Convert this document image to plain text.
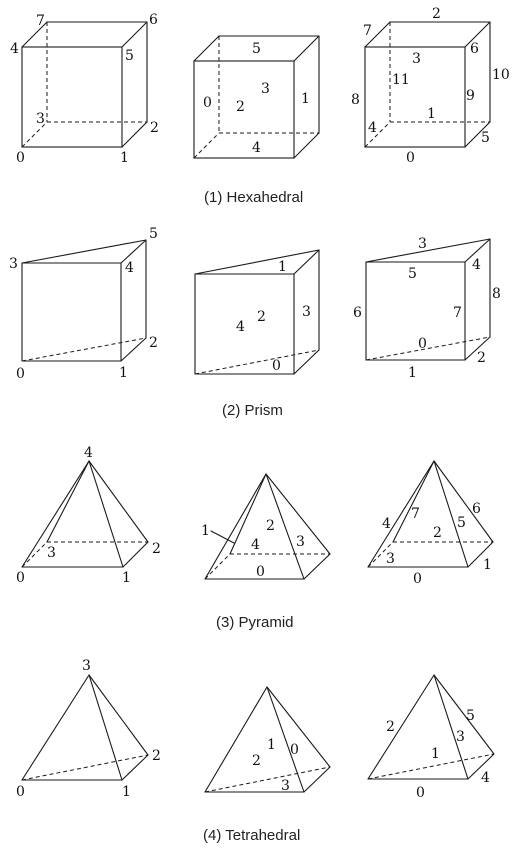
0	1
2
3
4	5
6
7
0	1
2
3
4
5
0
1
2
3
4
5
6
7
8	9
10
11
(1) Hexahedral
0	1
2
3	4
5
0
1
2	3
4
0
1
2
3
4
5
6	7
8
(2) Prism
0	1
2
3
4
0
1	2
3
4
0
1
2
3
4	5
6
7
(3) Pyramid
0	1
2
3
0
1
2
3	0
1
2
3
4
5
(4) Tetrahedral
